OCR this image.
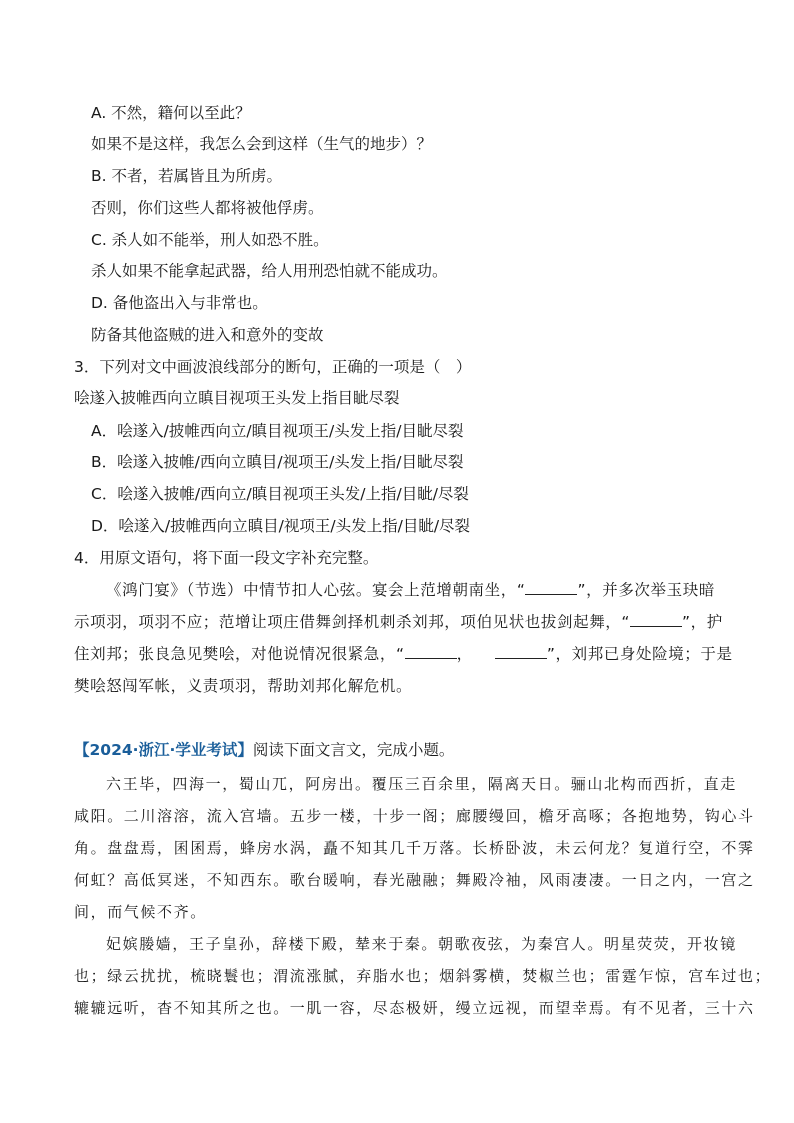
A. 不然，籍何以至此？
如果不是这样，我怎么会到这样（生气的地步）？
B. 不者，若属皆且为所虏。
否则，你们这些人都将被他俘虏。
C. 杀人如不能举，刑人如恐不胜。
杀人如果不能拿起武器，给人用刑恐怕就不能成功。
D. 备他盗出入与非常也。
防备其他盗贼的进入和意外的变故
3．下列对文中画波浪线部分的断句，正确的一项是（　）
哙遂入披帷西向立瞋目视项王头发上指目眦尽裂
A．哙遂入/披帷西向立/瞋目视项王/头发上指/目眦尽裂
B．哙遂入披帷/西向立瞋目/视项王/头发上指/目眦尽裂
C．哙遂入披帷/西向立/瞋目视项王头发/上指/目眦/尽裂
D．哙遂入/披帷西向立瞋目/视项王/头发上指/目眦/尽裂
4．用原文语句，将下面一段文字补充完整。
《鸿门宴》（节选）中情节扣人心弦。宴会上范增朝南坐，“	”，并多次举玉玦暗
示项羽，项羽不应；范增让项庄借舞剑择机刺杀刘邦，项伯见状也拔剑起舞，“	”，护
住刘邦；张良急见樊哙，对他说情况很紧急，“	，	”，刘邦已身处险境；于是
樊哙怒闯军帐，义责项羽，帮助刘邦化解危机。
【2024·浙江·学业考试】阅读下面文言文，完成小题。
六王毕，四海一，蜀山兀，阿房出。覆压三百余里，隔离天日。骊山北构而西折，直走
咸阳。二川溶溶，流入宫墙。五步一楼，十步一阁；廊腰缦回，檐牙高啄；各抱地势，钩心斗
角。盘盘焉，囷囷焉，蜂房水涡，矗不知其几千万落。长桥卧波，未云何龙？复道行空，不霁
何虹？高低冥迷，不知西东。歌台暖响，春光融融；舞殿冷袖，风雨凄凄。一日之内，一宫之
间，而气候不齐。
妃嫔媵嫱，王子皇孙，辞楼下殿，辇来于秦。朝歌夜弦，为秦宫人。明星荧荧，开妆镜
也；绿云扰扰，梳晓鬟也；渭流涨腻，弃脂水也；烟斜雾横，焚椒兰也；雷霆乍惊，宫车过也；
辘辘远听，杳不知其所之也。一肌一容，尽态极妍，缦立远视，而望幸焉。有不见者，三十六
